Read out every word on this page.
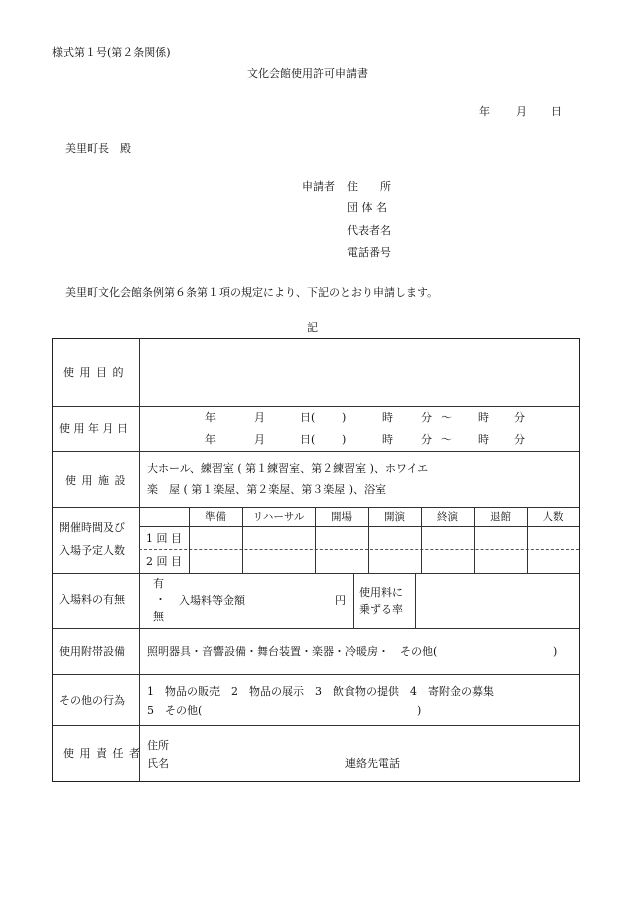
様式第１号(第２条関係)
文化会館使用許可申請書
年 月 日
美里町長　殿
申請者 住　　所
団 体 名
代表者名
電話番号
美里町文化会館条例第６条第１項の規定により、下記のとおり申請します。
記
使 用 目 的
使 用 年 月 日
年	月	日( )	時	分 〜 時 分
年	月	日( )	時	分 〜 時 分
使 用 施 設
大ホール、練習室 ( 第１練習室、第２練習室 )、ホワイエ
楽　屋 ( 第１楽屋、第２楽屋、第３楽屋 )、浴室
開催時間及び
入場予定人数
準備	リハーサル	開場	開演	終演	退館	人数
1 回 目
2 回 目
入場料の有無
有
・
無
入場料等金額	円
使用料に
乗ずる率
使用附帯設備 照明器具・音響設備・舞台装置・楽器・冷暖房・　その他(	)
その他の行為
1　物品の販売　2　物品の展示　3　飲食物の提供　4　寄附金の募集
5　その他(	)
使 用 責 任 者
住所
氏名	連絡先電話
